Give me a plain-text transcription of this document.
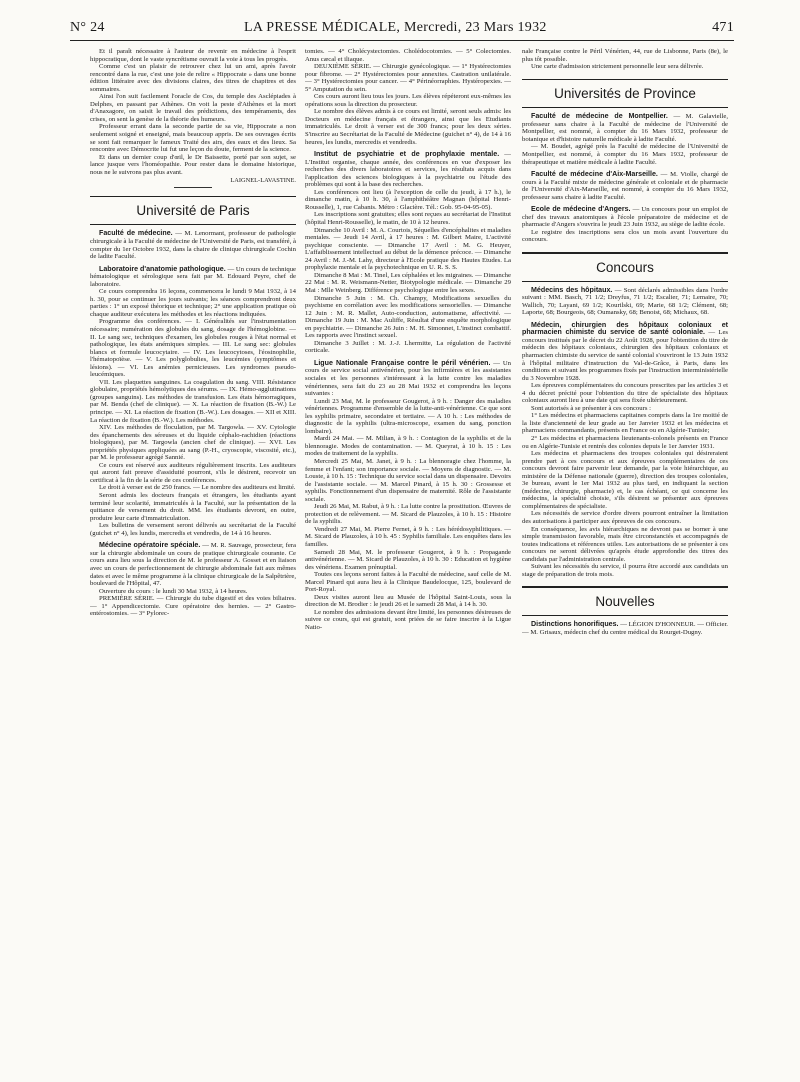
N° 24	LA PRESSE MÉDICALE, Mercredi, 23 Mars 1932	471

Et il paraît nécessaire à l'auteur de revenir en médecine à l'esprit hippocratique, dont le vaste syncrétisme ouvrait la voie à tous les progrès.

Comme c'est un plaisir de retrouver chez lui un ami, après l'avoir rencontré dans la rue, c'est une joie de relire « Hippocrate » dans une bonne édition littéraire avec des divisions claires, des titres de chapitres et des sommaires.

Ainsi l'on suit facilement l'oracle de Cos, du temple des Asclépiades à Delphes, en passant par Athènes. On voit la peste d'Athènes et la mort d'Anaxagore, on saisit le travail des prédictions, des tempéraments, des crises, on sent la genèse de la théorie des humeurs.

Professeur errant dans la seconde partie de sa vie, Hippocrate a non seulement soigné et enseigné, mais beaucoup appris. De ses ouvrages écrits se sont fait remarquer le fameux Traité des airs, des eaux et des lieux. Sa rencontre avec Démocrite lui fut une leçon du doute, ferment de la science.

Et dans un dernier coup d'œil, le Dr Baissette, porté par son sujet, se lance jusque vers l'homéopathie. Pour rester dans le domaine historique, nous ne le suivrons pas plus avant.

LAIGNEL-LAVASTINE.
Université de Paris

Faculté de médecine. — M. Lenormant, professeur de pathologie chirurgicale à la Faculté de médecine de l'Université de Paris, est transféré, à compter du 1er Octobre 1932, dans la chaire de clinique chirurgicale Cochin de ladite Faculté.

Laboratoire d'anatomie pathologique. — Un cours de technique hématologique et sérologique sera fait par M. Edouard Peyre, chef de laboratoire.

Ce cours comprendra 16 leçons, commencera le lundi 9 Mai 1932, à 14 h. 30, pour se continuer les jours suivants; les séances comprendront deux parties : 1° un exposé théorique et technique; 2° une application pratique où chaque auditeur exécutera les méthodes et les réactions indiquées.

Programme des conférences. — I. Généralités sur l'instrumentation nécessaire; numération des globules du sang, dosage de l'hémoglobine. — II. Le sang sec, techniques d'examen, les globules rouges à l'état normal et pathologique, les états anémiques simples. — III. Le sang sec: globules blancs et formule leucocytaire. — IV. Les leucocytoses, l'éosinophilie, l'hématopoïèse. — V. Les polyglobulies, les leucémies (symptômes et lésions). — VI. Les anémies pernicieuses. Les syndromes pseudo-leucémiques.

VII. Les plaquettes sanguines. La coagulation du sang. VIII. Résistance globulaire, propriétés hémolytiques des sérums. — IX. Hémo-agglutinations (groupes sanguins). Les méthodes de transfusion. Les états hémorragiques, par M. Benda (chef de clinique). — X. La réaction de fixation (B.-W.) Le principe. — XI. La réaction de fixation (B.-W.). Les dosages. — XII et XIII. La réaction de fixation (B.-W.). Les méthodes.

XIV. Les méthodes de floculation, par M. Targowla. — XV. Cytologie des épanchements des séreuses et du liquide céphalo-rachidien (réactions biologiques), par M. Targowla (ancien chef de clinique). — XVI. Les propriétés physiques appliquées au sang (P.-H., cryoscopie, viscosité, etc.), par M. le professeur agrégé Sannié.

Ce cours est réservé aux auditeurs régulièrement inscrits. Les auditeurs qui auront fait preuve d'assiduité pourront, s'ils le désirent, recevoir un certificat à la fin de la série de ces conférences.

Le droit à verser est de 250 francs. — Le nombre des auditeurs est limité.

Seront admis les docteurs français et étrangers, les étudiants ayant terminé leur scolarité, immatriculés à la Faculté, sur la présentation de la quittance de versement du droit. MM. les étudiants devront, en outre, produire leur carte d'immatriculation.

Les bulletins de versement seront délivrés au secrétariat de la Faculté (guichet n° 4), les lundis, mercredis et vendredis, de 14 à 16 heures.

Médecine opératoire spéciale. — M. R. Sauvage, prosecteur, fera sur la chirurgie abdominale un cours de pratique chirurgicale courante. Ce cours aura lieu sous la direction de M. le professeur A. Gosset et en liaison avec un cours de perfectionnement de chirurgie abdominale fait aux mêmes dates et avec le même programme à la clinique chirurgicale de la Salpêtrière, boulevard de l'Hôpital, 47.

Ouverture du cours : le lundi 30 Mai 1932, à 14 heures.

PREMIÈRE SÉRIE. — Chirurgie du tube digestif et des voies biliaires. — 1° Appendicectomie. Cure opératoire des hernies. — 2° Gastro-entérostomies. — 3° Pylorec-

tomies. — 4° Cholécystectomies. Cholédocotomies. — 5° Colectomies. Anus cæcal et iliaque.

DEUXIÈME SÉRIE. — Chirurgie gynécologique. — 1° Hystérectomies pour fibrome. — 2° Hystérectomies pour annexites. Castration unilatérale. — 3° Hystérectomies pour cancer. — 4° Périnéorraphies. Hystéropexies. — 5° Amputation du sein.

Ces cours auront lieu tous les jours. Les élèves répéteront eux-mêmes les opérations sous la direction du prosecteur.

Le nombre des élèves admis à ce cours est limité, seront seuls admis: les Docteurs en médecine français et étrangers, ainsi que les Etudiants immatriculés. Le droit à verser est de 300 francs; pour les deux séries. S'inscrire au Secrétariat de la Faculté de Médecine (guichet n° 4), de 14 à 16 heures, les lundis, mercredis et vendredis.

Institut de psychiatrie et de prophylaxie mentale. — L'Institut organise, chaque année, des conférences en vue d'exposer les recherches des divers laboratoires et services, les résultats acquis dans l'application des sciences biologiques à la psychiatrie ou l'étude des problèmes qui sont à la base des recherches.

Les conférences ont lieu (à l'exception de celle du jeudi, à 17 h.), le dimanche matin, à 10 h. 30, à l'amphithéâtre Magnan (hôpital Henri-Rousselle), 1, rue Cabanis. Métro : Glacière. Tél.: Gob. 95-04-95-05).

Les inscriptions sont gratuites; elles sont reçues au secrétariat de l'Institut (hôpital Henri-Rousselle), le matin, de 10 à 12 heures.

Dimanche 10 Avril : M. A. Courtois, Séquelles d'encéphalites et maladies mentales. — Jeudi 14 Avril, à 17 heures : M. Gilbert Maire, L'activité psychique consciente. — Dimanche 17 Avril : M. G. Heuyer, L'affaiblissement intellectuel au début de la démence précoce. — Dimanche 24 Avril : M. J.-M. Lahy, directeur à l'Ecole pratique des Hautes Etudes. La prophylaxie mentale et la psychotechnique en U. R. S. S.

Dimanche 8 Mai : M. Tinel, Les céphalées et les migraines. — Dimanche 22 Mai : M. R. Weismann-Netter, Biotypologie médicale. — Dimanche 29 Mai : Mlle Weinberg. Différence psychologique entre les sexes.

Dimanche 5 Juin : M. Ch. Champy, Modifications sexuelles du psychisme en corrélation avec les modifications sensorielles. — Dimanche 12 Juin : M. R. Mallet, Auto-conduction, automatisme, affectivité. — Dimanche 19 Juin : M. Mac Auliffe, Résultat d'une enquête morphologique en psychiatrie. — Dimanche 26 Juin : M. H. Simonnet, L'instinct combattif. Les rapports avec l'instinct sexuel.

Dimanche 3 Juillet : M. J.-J. Lhermitte, La régulation de l'activité corticale.

Ligue Nationale Française contre le péril vénérien. — Un cours de service social antivénérien, pour les infirmières et les assistantes sociales et les personnes s'intéressant à la lutte contre les maladies vénériennes, sera fait du 23 au 28 Mai 1932 et comprendra les leçons suivantes :

Lundi 23 Mai, M. le professeur Gougerot, à 9 h. : Danger des maladies vénériennes. Programme d'ensemble de la lutte-anti-vénérienne. Ce que sont les syphilis primaire, secondaire et tertiaire. — A 10 h. : Les méthodes de diagnostic de la syphilis (ultra-microscope, examen du sang, ponction lombaire).

Mardi 24 Mai. — M. Milian, à 9 h. : Contagion de la syphilis et de la blennoragie. Modes de contamination. — M. Queyrat, à 10 h. 15 : Les modes de traitement de la syphilis.

Mercredi 25 Mai, M. Janet, à 9 h. : La blennoragie chez l'homme, la femme et l'enfant; son importance sociale. — Moyens de diagnostic. — M. Louste, à 10 h. 15 : Technique du service social dans un dispensaire. Devoirs de l'assistante sociale. — M. Marcel Pinard, à 15 h. 30 : Grossesse et syphilis. Fonctionnement d'un dispensaire de maternité. Rôle de l'assistante sociale.

Jeudi 26 Mai, M. Rabut, à 9 h. : La lutte contre la prostitution. Œuvres de protection et de relèvement. — M. Sicard de Plauzoles, à 10 h. 15 : Histoire de la syphilis.

Vendredi 27 Mai, M. Pierre Fernet, à 9 h. : Les hérédosyphilitiques. — M. Sicard de Plauzoles, à 10 h. 45 : Syphilis familiale. Les enquêtes dans les familles.

Samedi 28 Mai, M. le professeur Gougerot, à 9 h. : Propagande antivénérienne. — M. Sicard de Plauzoles, à 10 h. 30 : Education et hygiène des vénériens. Examen prénuptial.

Toutes ces leçons seront faites à la Faculté de médecine, sauf celle de M. Marcel Pinard qui aura lieu à la Clinique Baudelocque, 125, boulevard de Port-Royal.

Deux visites auront lieu au Musée de l'hôpital Saint-Louis, sous la direction de M. Brodier : le jeudi 26 et le samedi 28 Mai, à 14 h. 30.

Le nombre des admissions devant être limité, les personnes désireuses de suivre ce cours, qui est gratuit, sont priées de se faire inscrire à la Ligue Natio-

nale Française contre le Péril Vénérien, 44, rue de Lisbonne, Paris (8e), le plus tôt possible.

Une carte d'admission strictement personnelle leur sera délivrée.

Universités de Province

Faculté de médecine de Montpellier. — M. Galavielle, professeur sans chaire à la Faculté de médecine de l'Université de Montpellier, est nommé, à compter du 16 Mars 1932, professeur de botanique et d'histoire naturelle médicale à ladite Faculté.

— M. Boudet, agrégé près la Faculté de médecine de l'Université de Montpellier, est nommé, à compter du 16 Mars 1932, professeur de thérapeutique et matière médicale à ladite Faculté.

Faculté de médecine d'Aix-Marseille. — M. Violle, chargé de cours à la Faculté mixte de médecine générale et coloniale et de pharmacie de l'Université d'Aix-Marseille, est nommé, à compter du 16 Mars 1932, professeur sans chaire à ladite Faculté.

Ecole de médecine d'Angers. — Un concours pour un emploi de chef des travaux anatomiques à l'école préparatoire de médecine et de pharmacie d'Angers s'ouvrira le jeudi 23 Juin 1932, au siège de ladite école.

Le registre des inscriptions sera clos un mois avant l'ouverture du concours.

Concours

Médecins des hôpitaux. — Sont déclarés admissibles dans l'ordre suivant : MM. Basch, 71 1/2; Dreyfus, 71 1/2; Escalier, 71; Lemaire, 70; Wallich, 70; Layani, 69 1/2; Kourilski, 69; Marie, 68 1/2; Clément, 68; Laporte, 68; Bourgeois, 68; Oumansky, 68; Benoist, 68; Michaux, 68.

Médecin, chirurgien des hôpitaux coloniaux et pharmacien chimiste du service de santé coloniale. — Les concours institués par le décret du 22 Août 1928, pour l'obtention du titre de médecin des hôpitaux coloniaux, chirurgien des hôpitaux coloniaux et pharmacien chimiste du service de santé colonial s'ouvriront le 13 Juin 1932 à l'hôpital militaire d'instruction du Val-de-Grâce, à Paris, dans les conditions et suivant les programmes fixés par l'instruction interministérielle du 3 Novembre 1928.

Les épreuves complémentaires du concours prescrites par les articles 3 et 4 du décret précité pour l'obtention du titre de spécialiste des hôpitaux coloniaux auront lieu à une date qui sera fixée ultérieurement.

Sont autorisés à se présenter à ces concours :

1° Les médecins et pharmaciens capitaines compris dans la 1re moitié de la liste d'ancienneté de leur grade au 1er Janvier 1932 et les médecins et pharmaciens commandants, présents en France ou en Algérie-Tunisie;

2° Les médecins et pharmaciens lieutenants-colonels présents en France ou en Algérie-Tunisie et rentrés des colonies depuis le 1er Janvier 1931.

Les médecins et pharmaciens des troupes coloniales qui désireraient prendre part à ces concours et aux épreuves complémentaires de ces concours devront faire parvenir leur demande, par la voie hiérarchique, au ministère de la Défense nationale (guerre), direction des troupes coloniales, 3e bureau, avant le 1er Mai 1932 au plus tard, en indiquant la section (médecine, chirurgie, pharmacie) et, le cas échéant, ce qui concerne les médecins, la spécialité choisie, s'ils désirent se présenter aux épreuves complémentaires de spécialiste.

Les nécessités de service d'ordre divers pourront entraîner la limitation des autorisations à participer aux épreuves de ces concours.

En conséquence, les avis hiérarchiques ne devront pas se borner à une simple transmission favorable, mais être circonstanciés et accompagnés de toutes indications et références utiles. Les autorisations de se présenter à ces concours ne seront délivrées qu'après étude approfondie des titres des candidats par l'administration centrale.

Suivant les nécessités du service, il pourra être accordé aux candidats un stage de préparation de trois mois.

Nouvelles

Distinctions honorifiques. — LÉGION D'HONNEUR. — Officier. — M. Grisaux, médecin chef du centre médical du Rourget-Dugny.
